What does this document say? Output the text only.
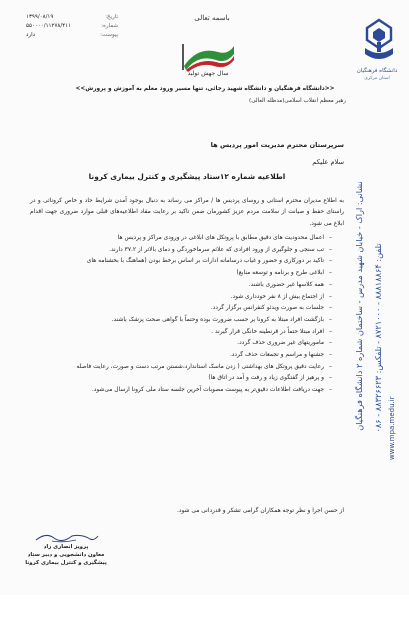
دانشگاه فرهنگیان
استان مرکزی
تاریخ:
۱۳۹۹/۰۸/۱۹
شماره:
۵۵۰۰۰۰/۱۱۲۷۸/۴۱۱
پیوست:
دارد
باسمه تعالی
سال جهش تولید
<<دانشگاه فرهنگیان و دانشگاه شهید رجائی، تنها مسیر ورود معلم به آموزش و پرورش>>
رهبر معظم انقلاب اسلامی(مدظله العالی)
سرپرستان محترم مدیریت امور پردیس ها
سلام علیکم
اطلاعیه شماره ۱۲ستاد پیشگیری و کنترل بیماری کرونا
به اطلاع مدیران محترم استانی و روسای پردیس ها / مراکز می رساند به دنبال بوجود آمدن شرایط حاد و خاص کرونائی و در راستای حفظ و صیانت از سلامت مردم عزیز کشورمان ضمن تاکید بر رعایت مفاد اطلاعیه‌های قبلی موارد ضروری جهت اقدام ابلاغ می شود.
– اعمال محدودیت های دقیق مطابق با پروتکل های ابلاغی در ورودی مراکز و پردیس ها
– تب سنجی و جلوگیری از ورود افرادی که علائم سرماخوردگی و دمای بالاتر از ۳۷.۲ دارند.
– تاکید بر دورکاری و حضور و غیاب درسامانه ادارات بر اساس برخط بودن (هماهنگ با بخشنامه های
– ابلاغی طرح و برنامه و توسعه منابع)
– همه کلاسها غیر حضوری باشند.
– از اجتماع بیش از ۸ نفر خودداری شود.
– جلسات به صورت ویدئو کنفرانس برگزار گردد.
– بازگشت افراد مبتلا به کرونا بر حسب ضرورت بوده وحتماً با گواهی صحت پزشک باشند.
– افراد مبتلا حتماً در قرنطینه خانگی قرار گیرند .
– ماموریتهای غیر ضروری حذف گردد.
– جشنها و مراسم و تجمعات حذف گردد.
– رعایت دقیق پروتکل های بهداشتی ( زدن ماسک استاندارد،شستن مرتب دست و صورت، رعایت فاصله
– و پرهیز از گفتگوی زیاد و رفت و آمد در اتاق ها)
– جهت دریافت اطلاعات دقیق‌تر به پیوست مصوبات آخرین جلسه ستاد ملی کرونا ارسال می‌شود.
از حسن اجرا و نظر توجه همکاران گرامی تشکر و قدردانی می شود.
پرویز انصاری راد
معاون دانشجویی و دبیر ستاد
پیشگیری و کنترل بیماری کرونا
تلفن: ۸۸۸۱۸۸۶۴ - ۸۷۲۱۰۰۰ - تلفکس: ۸۸۳۲۶۶۲۳ - ۰۸۶
نشانی: اراک - خیابان شهید مدرس - ساختمان شماره ۲ دانشگاه فرهنگیان
www.mpa.medu.ir
